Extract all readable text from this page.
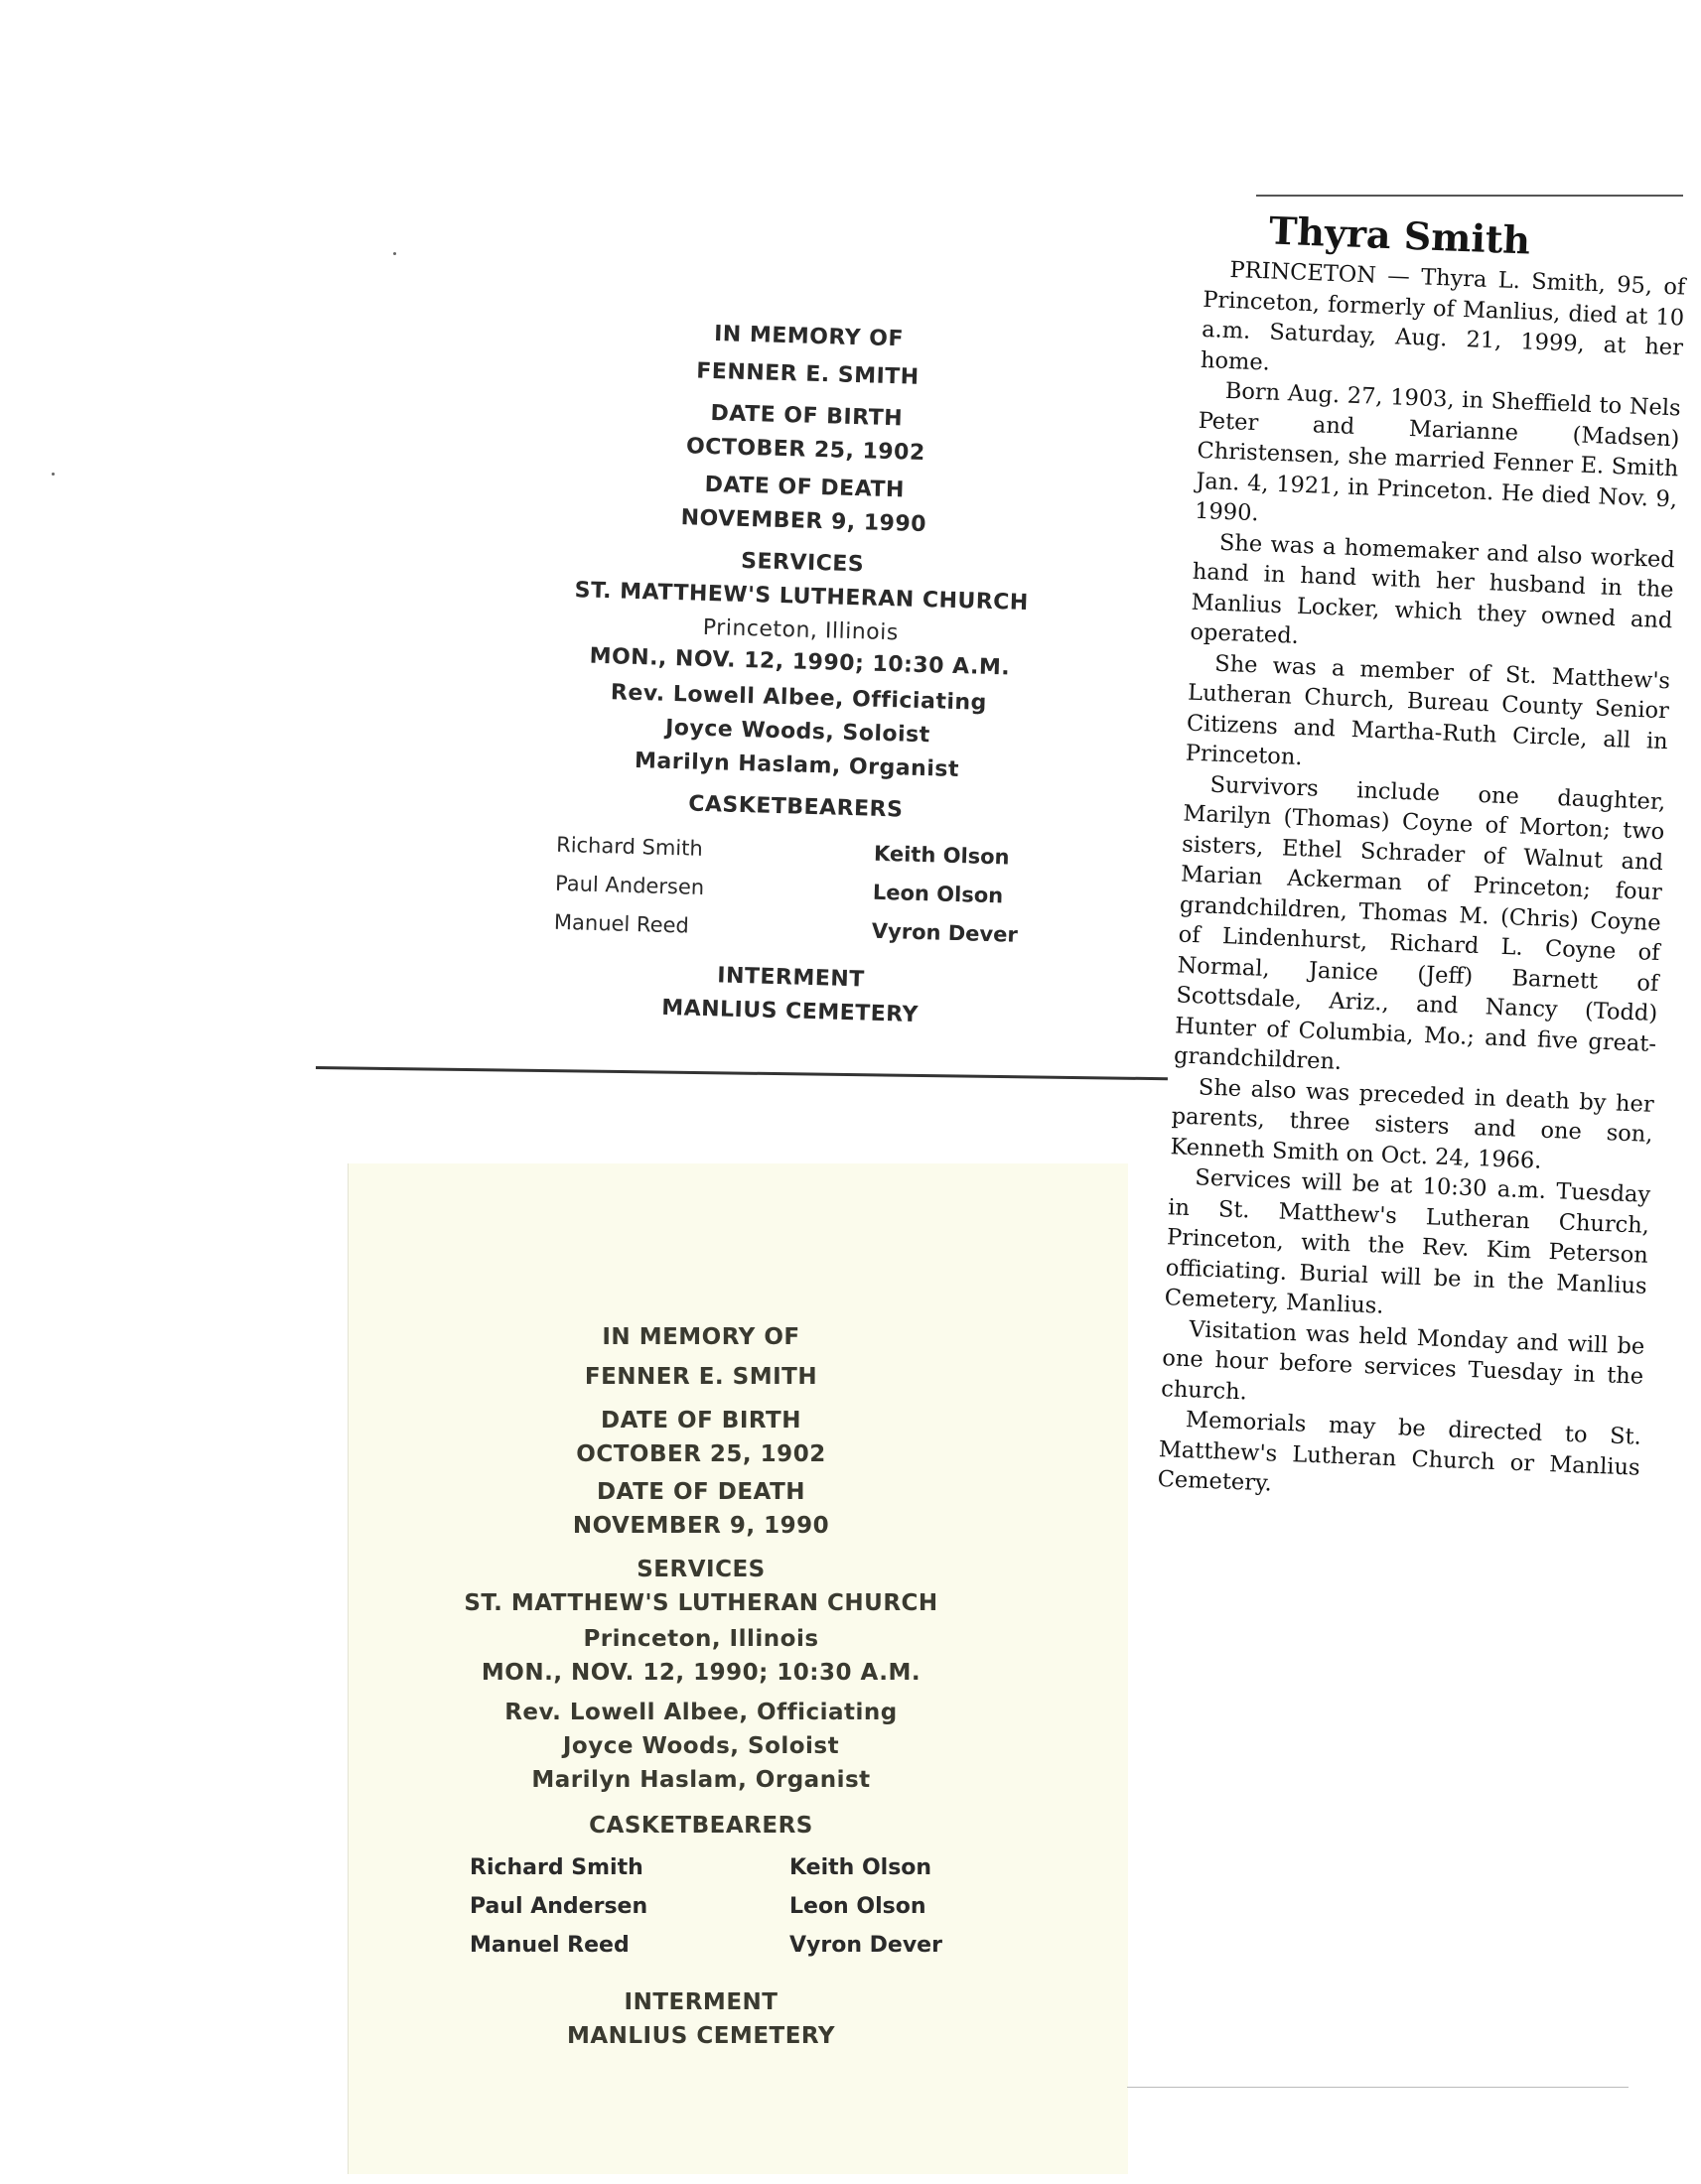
IN MEMORY OF
FENNER E. SMITH
DATE OF BIRTH
OCTOBER 25, 1902
DATE OF DEATH
NOVEMBER 9, 1990
SERVICES
ST. MATTHEW'S LUTHERAN CHURCH
Princeton, Illinois
MON., NOV. 12, 1990; 10:30 A.M.
Rev. Lowell Albee, Officiating
Joyce Woods, Soloist
Marilyn Haslam, Organist
CASKETBEARERS
Richard Smith
Paul Andersen
Manuel Reed
Keith Olson
Leon Olson
Vyron Dever
INTERMENT
MANLIUS CEMETERY
IN MEMORY OF
FENNER E. SMITH
DATE OF BIRTH
OCTOBER 25, 1902
DATE OF DEATH
NOVEMBER 9, 1990
SERVICES
ST. MATTHEW'S LUTHERAN CHURCH
Princeton, Illinois
MON., NOV. 12, 1990; 10:30 A.M.
Rev. Lowell Albee, Officiating
Joyce Woods, Soloist
Marilyn Haslam, Organist
CASKETBEARERS
Richard Smith
Paul Andersen
Manuel Reed
Keith Olson
Leon Olson
Vyron Dever
INTERMENT
MANLIUS CEMETERY
Thyra Smith

PRINCETON — Thyra L. Smith, 95, of Princeton, formerly of Manlius, died at 10 a.m. Saturday, Aug. 21, 1999, at her home.

Born Aug. 27, 1903, in Sheffield to Nels Peter and Marianne (Madsen) Christensen, she married Fenner E. Smith Jan. 4, 1921, in Princeton. He died Nov. 9, 1990.

She was a homemaker and also worked hand in hand with her husband in the Manlius Locker, which they owned and operated.

She was a member of St. Matthew's Lutheran Church, Bureau County Senior Citizens and Martha-Ruth Circle, all in Princeton.

Survivors include one daughter, Marilyn (Thomas) Coyne of Morton; two sisters, Ethel Schrader of Walnut and Marian Ackerman of Princeton; four grandchildren, Thomas M. (Chris) Coyne of Lindenhurst, Richard L. Coyne of Normal, Janice (Jeff) Barnett of Scottsdale, Ariz., and Nancy (Todd) Hunter of Columbia, Mo.; and five great-grandchildren.

She also was preceded in death by her parents, three sisters and one son, Kenneth Smith on Oct. 24, 1966.

Services will be at 10:30 a.m. Tuesday in St. Matthew's Lutheran Church, Princeton, with the Rev. Kim Peterson officiating. Burial will be in the Manlius Cemetery, Manlius.

Visitation was held Monday and will be one hour before services Tuesday in the church.

Memorials may be directed to St. Matthew's Lutheran Church or Manlius Cemetery.
